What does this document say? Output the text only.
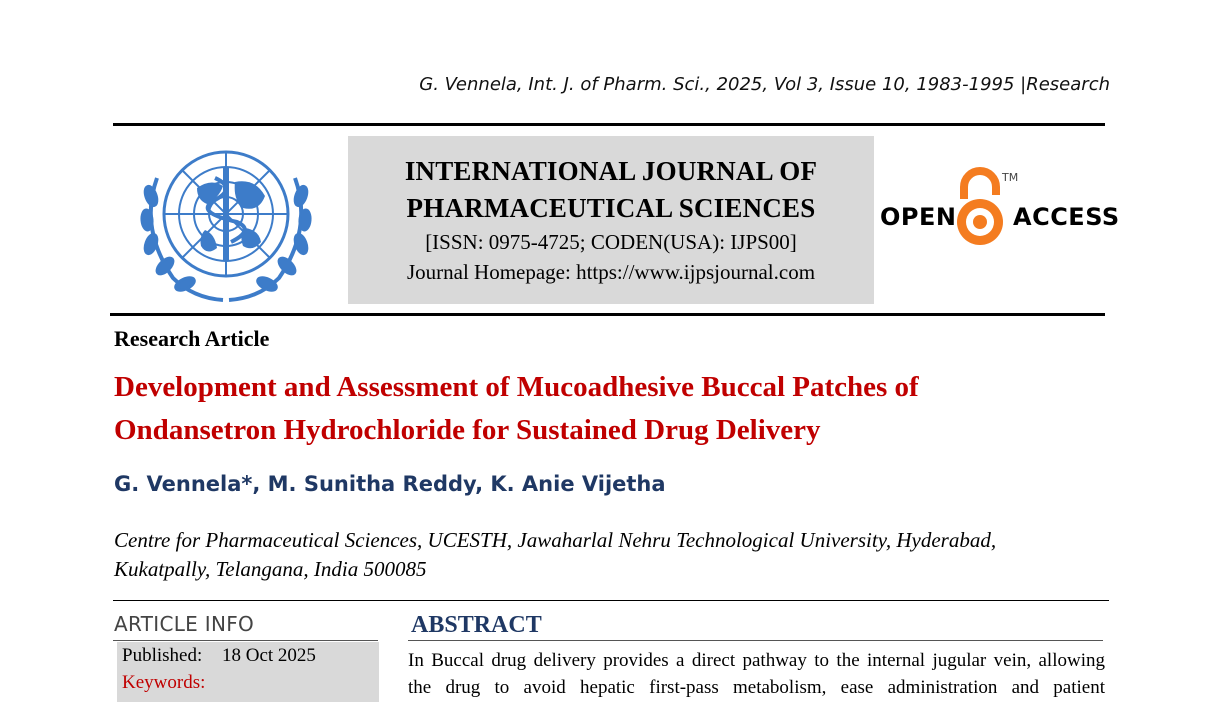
G. Vennela, Int. J. of Pharm. Sci., 2025, Vol 3, Issue 10, 1983-1995 |Research
INTERNATIONAL JOURNAL OF
PHARMACEUTICAL SCIENCES
[ISSN: 0975-4725; CODEN(USA): IJPS00]
Journal Homepage: https://www.ijpsjournal.com
OPEN ACCESS
TM
Research Article
Development and Assessment of Mucoadhesive Buccal Patches of
Ondansetron Hydrochloride for Sustained Drug Delivery
G. Vennela*, M. Sunitha Reddy, K. Anie Vijetha
Centre for Pharmaceutical Sciences, UCESTH, Jawaharlal Nehru Technological University, Hyderabad,
Kukatpally, Telangana, India 500085
ARTICLE INFO
Published: 18 Oct 2025
Keywords:
ABSTRACT
In Buccal drug delivery provides a direct pathway to the internal jugular vein, allowing
the drug to avoid hepatic first-pass metabolism, ease administration and patient
